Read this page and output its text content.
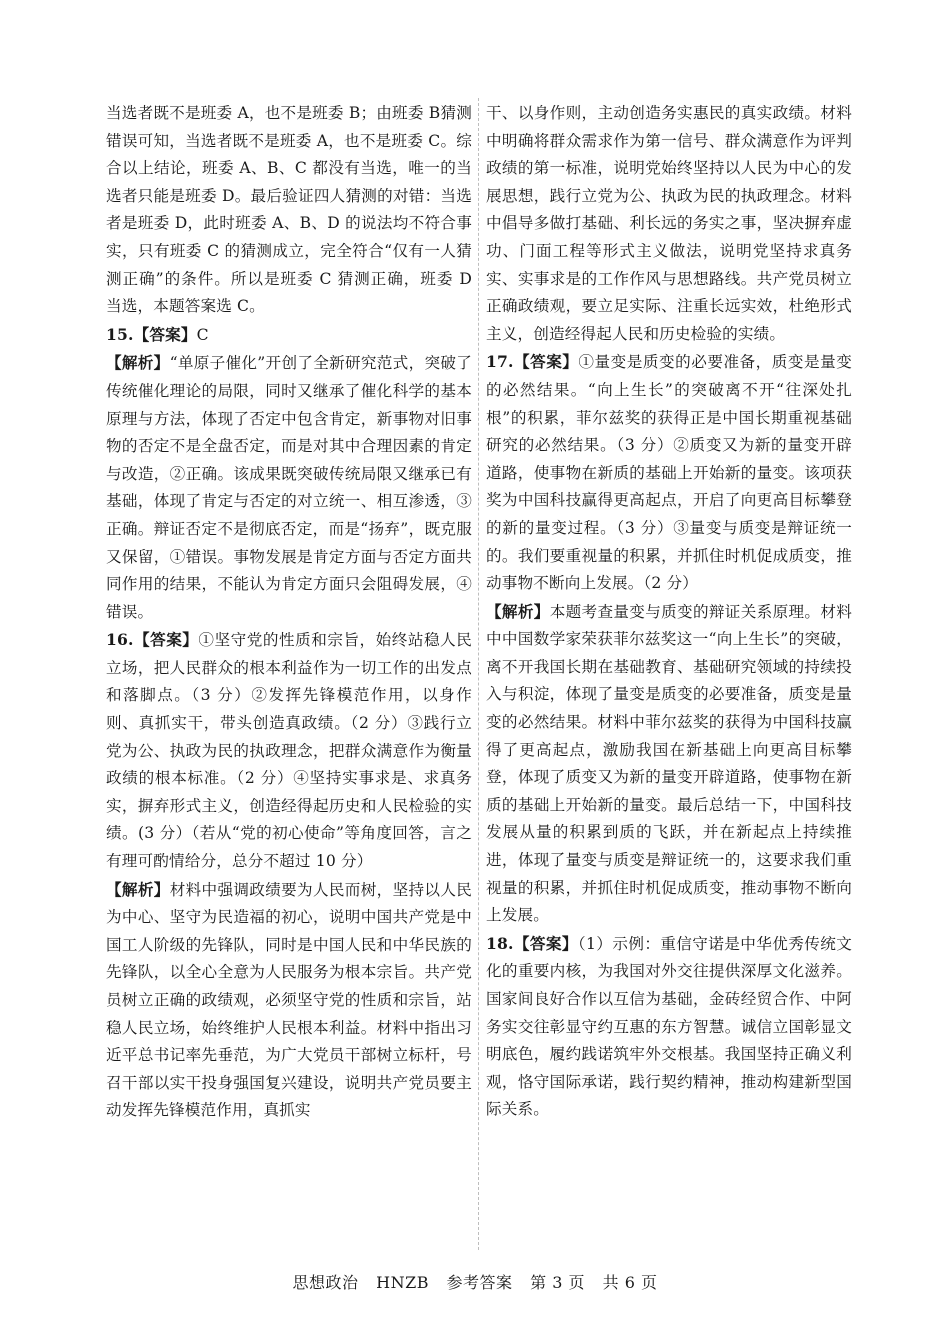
当选者既不是班委 A，也不是班委 B；由班委 B猜测错误可知，当选者既不是班委 A，也不是班委 C。综合以上结论，班委 A、B、C 都没有当选，唯一的当选者只能是班委 D。最后验证四人猜测的对错：当选者是班委 D，此时班委 A、B、D 的说法均不符合事实，只有班委 C 的猜测成立，完全符合“仅有一人猜测正确”的条件。所以是班委 C 猜测正确，班委 D 当选，本题答案选 C。

15.【答案】C

【解析】“单原子催化”开创了全新研究范式，突破了传统催化理论的局限，同时又继承了催化科学的基本原理与方法，体现了否定中包含肯定，新事物对旧事物的否定不是全盘否定，而是对其中合理因素的肯定与改造，②正确。该成果既突破传统局限又继承已有基础，体现了肯定与否定的对立统一、相互渗透，③正确。辩证否定不是彻底否定，而是“扬弃”，既克服又保留，①错误。事物发展是肯定方面与否定方面共同作用的结果，不能认为肯定方面只会阻碍发展，④错误。

16.【答案】①坚守党的性质和宗旨，始终站稳人民立场，把人民群众的根本利益作为一切工作的出发点和落脚点。（3 分）②发挥先锋模范作用，以身作则、真抓实干，带头创造真政绩。（2 分）③践行立党为公、执政为民的执政理念，把群众满意作为衡量政绩的根本标准。（2 分）④坚持实事求是、求真务实，摒弃形式主义，创造经得起历史和人民检验的实绩。(3 分）（若从“党的初心使命”等角度回答，言之有理可酌情给分，总分不超过 10 分）

【解析】材料中强调政绩要为人民而树，坚持以人民为中心、坚守为民造福的初心，说明中国共产党是中国工人阶级的先锋队，同时是中国人民和中华民族的先锋队，以全心全意为人民服务为根本宗旨。共产党员树立正确的政绩观，必须坚守党的性质和宗旨，站稳人民立场，始终维护人民根本利益。材料中指出习近平总书记率先垂范，为广大党员干部树立标杆，号召干部以实干投身强国复兴建设，说明共产党员要主动发挥先锋模范作用，真抓实

干、以身作则，主动创造务实惠民的真实政绩。材料中明确将群众需求作为第一信号、群众满意作为评判政绩的第一标准，说明党始终坚持以人民为中心的发展思想，践行立党为公、执政为民的执政理念。材料中倡导多做打基础、利长远的务实之事，坚决摒弃虚功、门面工程等形式主义做法，说明党坚持求真务实、实事求是的工作作风与思想路线。共产党员树立正确政绩观，要立足实际、注重长远实效，杜绝形式主义，创造经得起人民和历史检验的实绩。

17.【答案】①量变是质变的必要准备，质变是量变的必然结果。“向上生长”的突破离不开“往深处扎根”的积累，菲尔兹奖的获得正是中国长期重视基础研究的必然结果。（3 分）②质变又为新的量变开辟道路，使事物在新质的基础上开始新的量变。该项获奖为中国科技赢得更高起点，开启了向更高目标攀登的新的量变过程。（3 分）③量变与质变是辩证统一的。我们要重视量的积累，并抓住时机促成质变，推动事物不断向上发展。（2 分）

【解析】本题考查量变与质变的辩证关系原理。材料中中国数学家荣获菲尔兹奖这一“向上生长”的突破，离不开我国长期在基础教育、基础研究领域的持续投入与积淀，体现了量变是质变的必要准备，质变是量变的必然结果。材料中菲尔兹奖的获得为中国科技赢得了更高起点，激励我国在新基础上向更高目标攀登，体现了质变又为新的量变开辟道路，使事物在新质的基础上开始新的量变。最后总结一下，中国科技发展从量的积累到质的飞跃，并在新起点上持续推进，体现了量变与质变是辩证统一的，这要求我们重视量的积累，并抓住时机促成质变，推动事物不断向上发展。

18.【答案】（1）示例：重信守诺是中华优秀传统文化的重要内核，为我国对外交往提供深厚文化滋养。国家间良好合作以互信为基础，金砖经贸合作、中阿务实交往彰显守约互惠的东方智慧。诚信立国彰显文明底色，履约践诺筑牢外交根基。我国坚持正确义利观，恪守国际承诺，践行契约精神，推动构建新型国际关系。

思想政治 HNZB 参考答案 第 3 页 共 6 页
